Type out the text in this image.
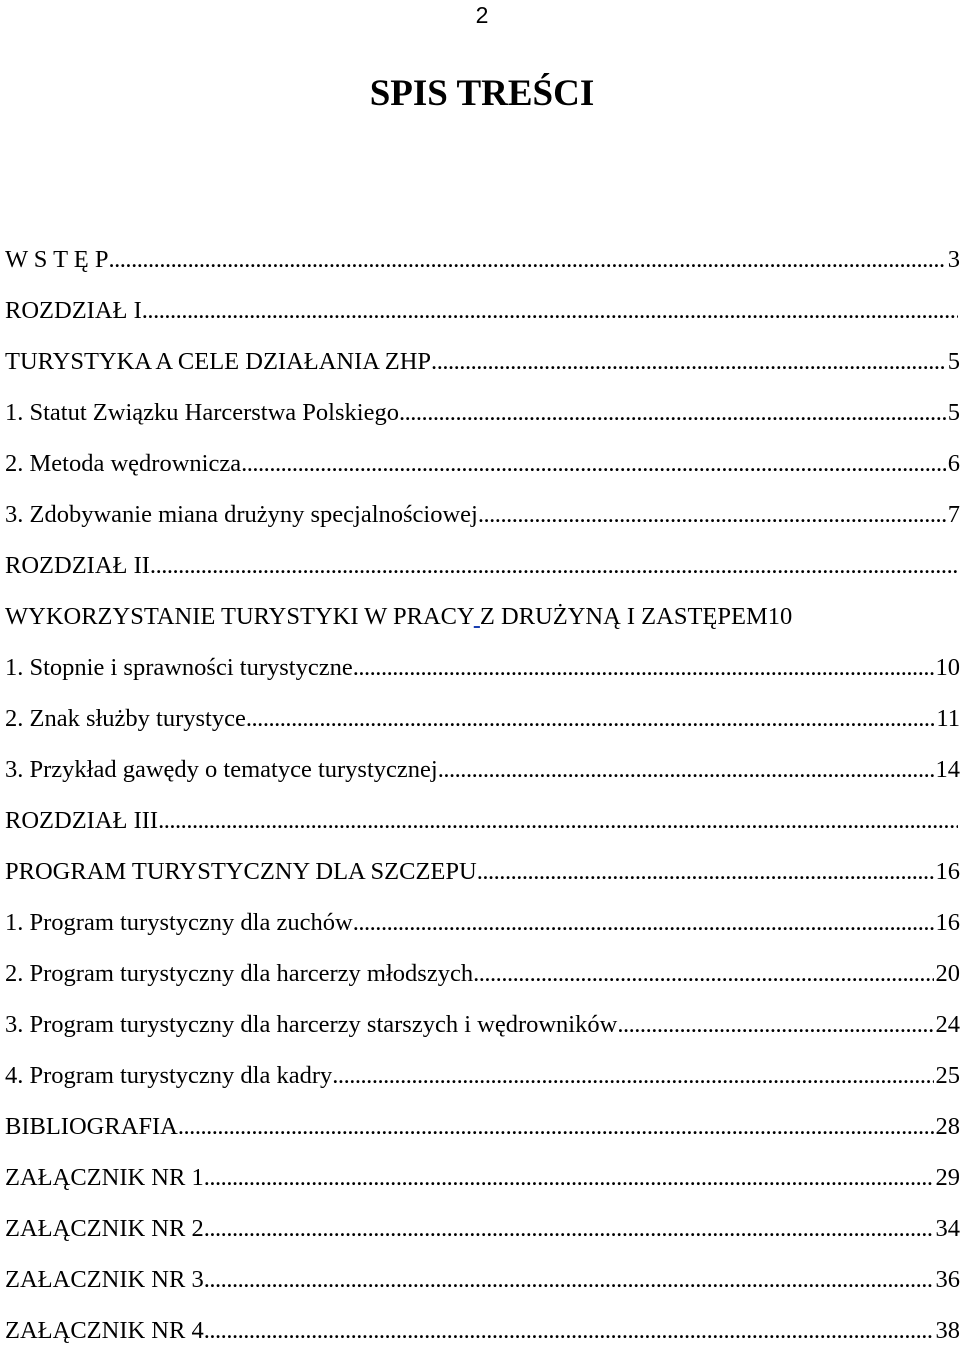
2
SPIS TREŚCI
W S T Ę P . . .	3
ROZDZIAŁ I
. . .
TURYSTYKA A CELE DZIAŁANIA ZHP . . .	5
1. Statut Związku Harcerstwa Polskiego . . .	5
2. Metoda wędrownicza . . .	6
3. Zdobywanie miana drużyny specjalnościowej . . .	7
ROZDZIAŁ II
. . .
WYKORZYSTANIE TURYSTYKI W PRACY Z DRUŻYNĄ I ZASTĘPEM 10
1. Stopnie i sprawności turystyczne . . .	10
2. Znak służby turystyce . . .	11
3. Przykład gawędy o tematyce turystycznej . . .	14
ROZDZIAŁ III
. . .
PROGRAM TURYSTYCZNY DLA SZCZEPU . . .	16
1. Program turystyczny dla zuchów . . .	16
2. Program turystyczny dla harcerzy młodszych . . .	20
3. Program turystyczny dla harcerzy starszych i wędrowników . . .	24
4. Program turystyczny dla kadry . . .	25
BIBLIOGRAFIA . . .	28
ZAŁĄCZNIK NR 1 . . .	29
ZAŁĄCZNIK NR 2 . . .	34
ZAŁACZNIK NR 3 . . .	36
ZAŁĄCZNIK NR 4 . . .	38
